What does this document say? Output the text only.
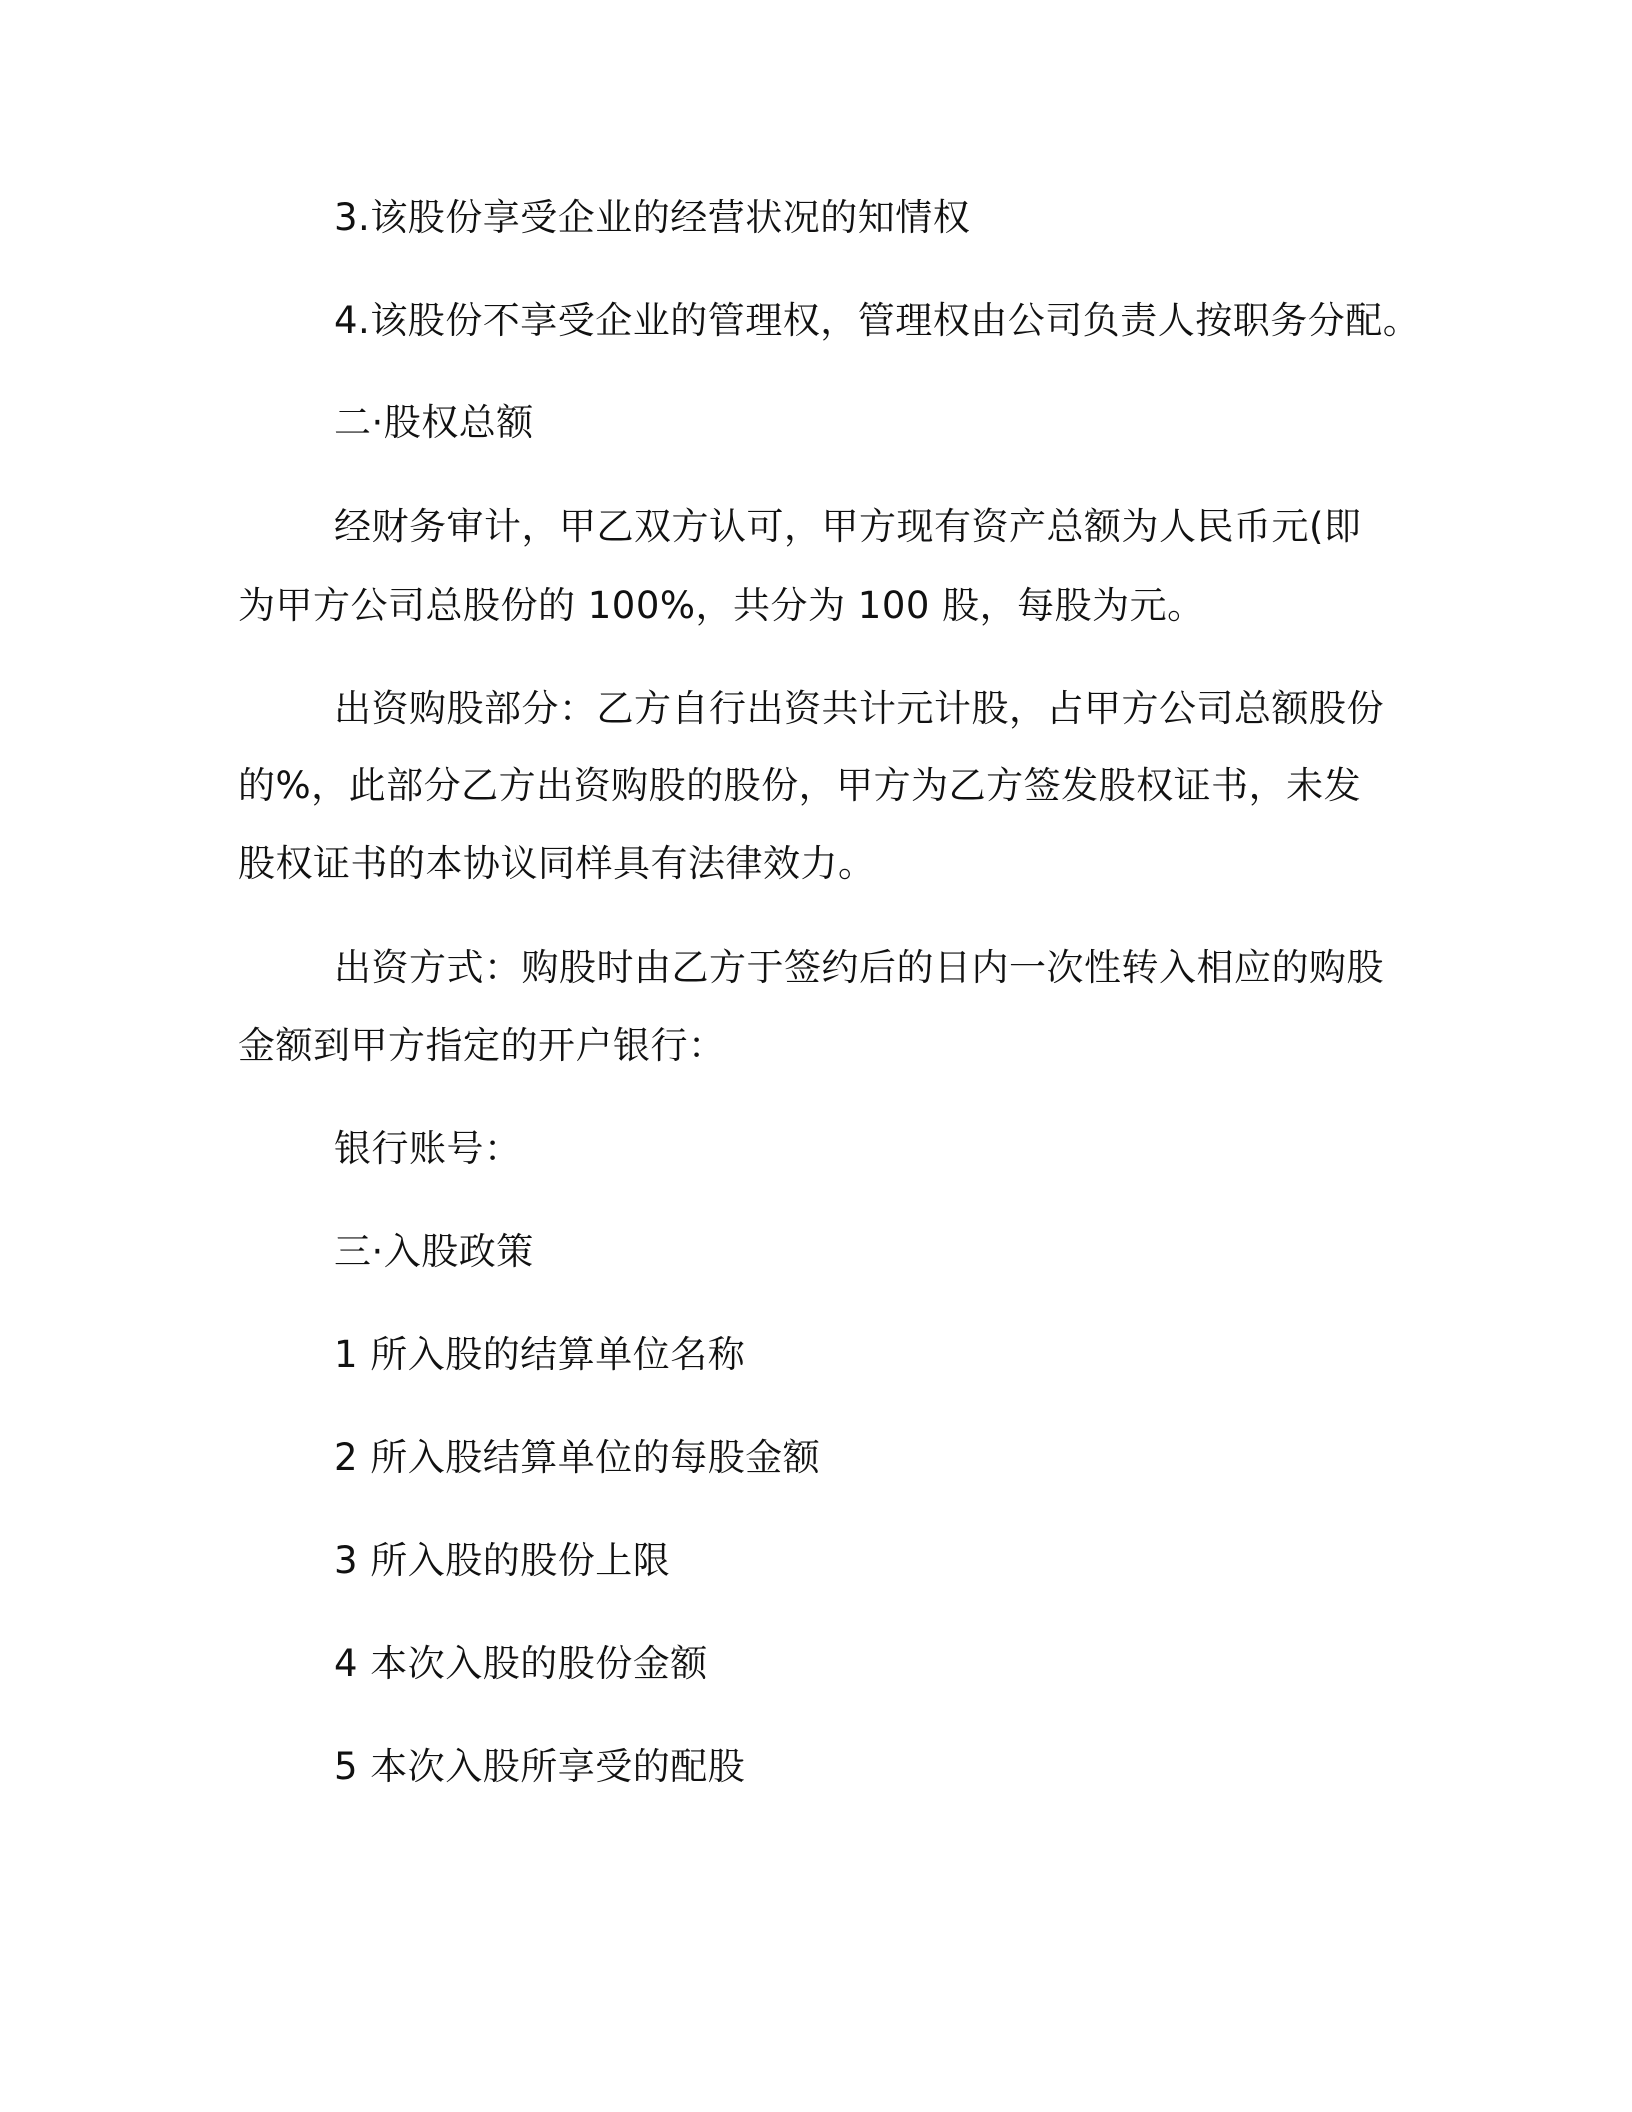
3.该股份享受企业的经营状况的知情权
4.该股份不享受企业的管理权，管理权由公司负责人按职务分配。
二·股权总额
经财务审计，甲乙双方认可，甲方现有资产总额为人民币元(即
为甲方公司总股份的 100%，共分为 100 股，每股为元。
出资购股部分：乙方自行出资共计元计股，占甲方公司总额股份
的%，此部分乙方出资购股的股份，甲方为乙方签发股权证书，未发
股权证书的本协议同样具有法律效力。
出资方式：购股时由乙方于签约后的日内一次性转入相应的购股
金额到甲方指定的开户银行：
银行账号：
三·入股政策
1 所入股的结算单位名称
2 所入股结算单位的每股金额
3 所入股的股份上限
4 本次入股的股份金额
5 本次入股所享受的配股
